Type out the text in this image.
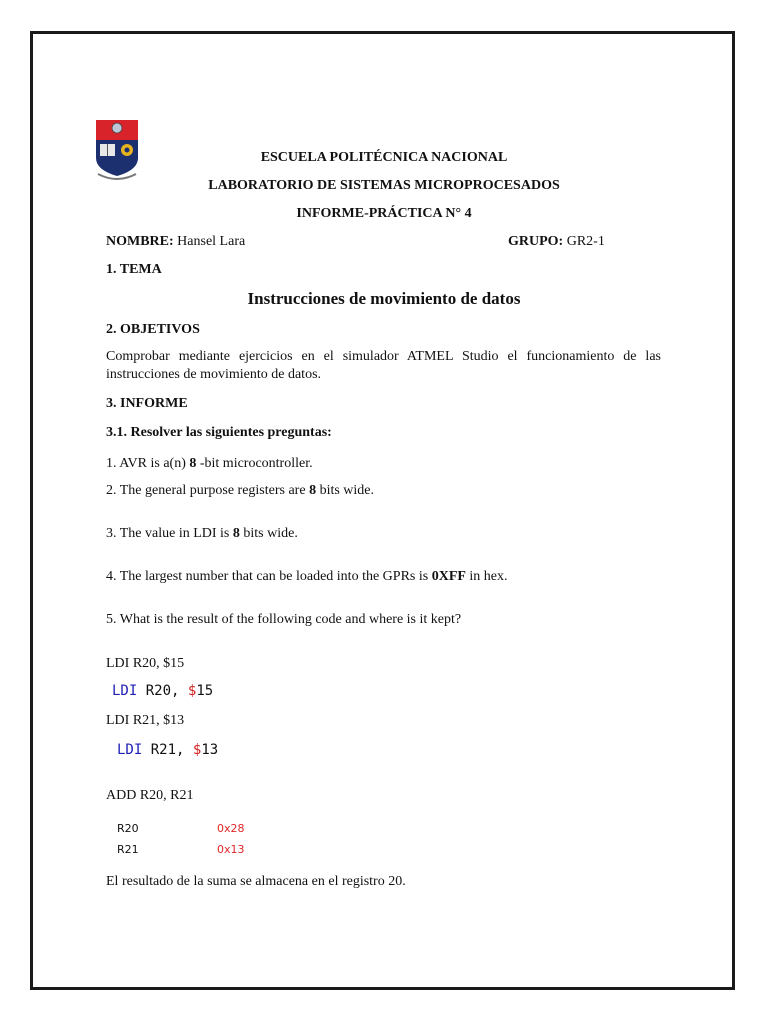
ESCUELA POLITÉCNICA NACIONAL
LABORATORIO DE SISTEMAS MICROPROCESADOS
INFORME-PRÁCTICA N° 4
NOMBRE: Hansel Lara	GRUPO: GR2-1
1. TEMA
Instrucciones de movimiento de datos
2. OBJETIVOS
Comprobar mediante ejercicios en el simulador ATMEL Studio el funcionamiento de las instrucciones de movimiento de datos.
3. INFORME
3.1. Resolver las siguientes preguntas:
1. AVR is a(n) 8 -bit microcontroller.
2. The general purpose registers are 8 bits wide.
3. The value in LDI is 8 bits wide.
4. The largest number that can be loaded into the GPRs is 0XFF in hex.
5. What is the result of the following code and where is it kept?
LDI R20, $15
LDI R20, $15
LDI R21, $13
LDI R21, $13
ADD R20, R21
R20	0x28
R21	0x13
El resultado de la suma se almacena en el registro 20.
